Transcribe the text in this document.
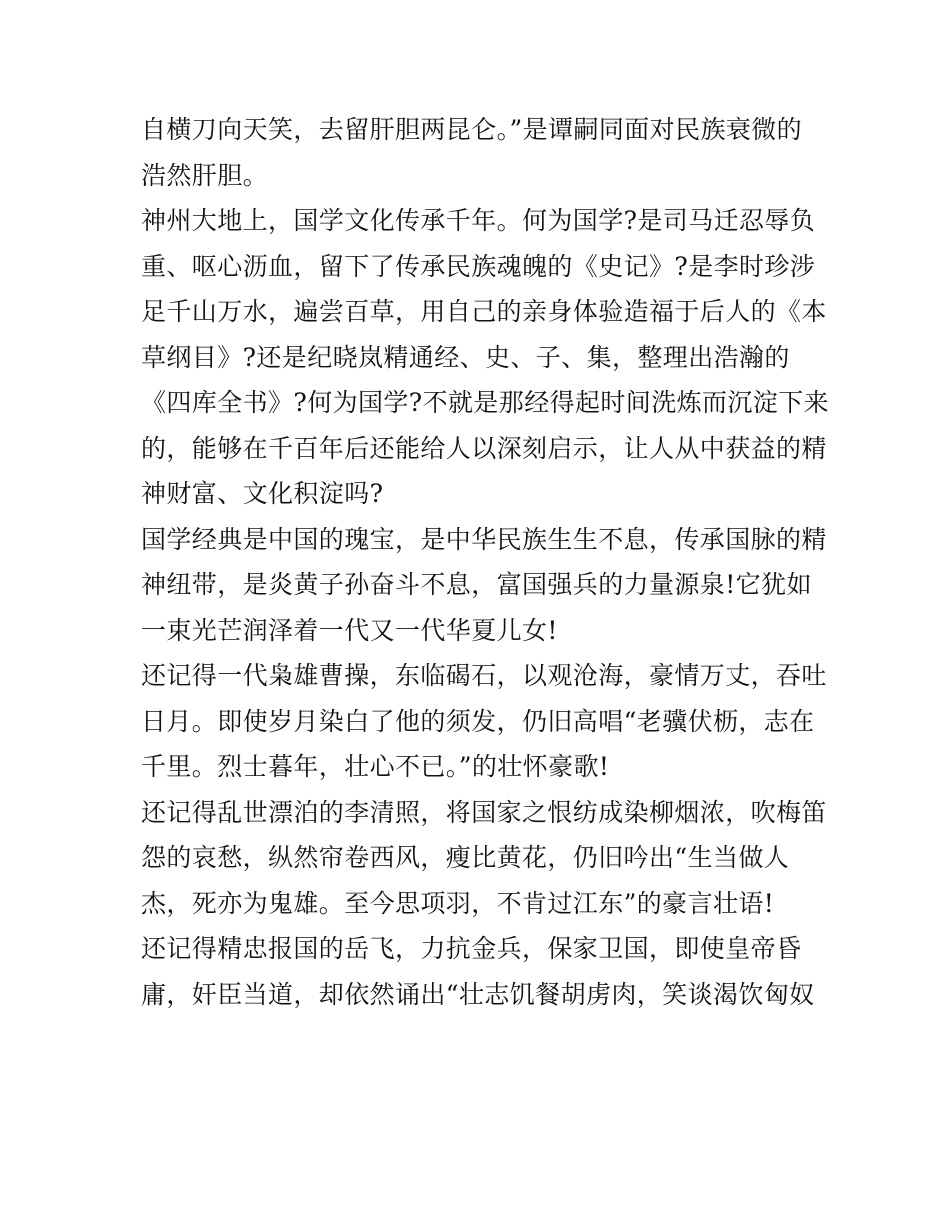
自横刀向天笑，去留肝胆两昆仑。”是谭嗣同面对民族衰微的
浩然肝胆。
神州大地上，国学文化传承千年。何为国学?是司马迁忍辱负
重、呕心沥血，留下了传承民族魂魄的《史记》?是李时珍涉
足千山万水，遍尝百草，用自己的亲身体验造福于后人的《本
草纲目》?还是纪晓岚精通经、史、子、集，整理出浩瀚的
《四库全书》?何为国学?不就是那经得起时间洗炼而沉淀下来
的，能够在千百年后还能给人以深刻启示，让人从中获益的精
神财富、文化积淀吗?
国学经典是中国的瑰宝，是中华民族生生不息，传承国脉的精
神纽带，是炎黄子孙奋斗不息，富国强兵的力量源泉!它犹如
一束光芒润泽着一代又一代华夏儿女!
还记得一代枭雄曹操，东临碣石，以观沧海，豪情万丈，吞吐
日月。即使岁月染白了他的须发，仍旧高唱“老骥伏枥，志在
千里。烈士暮年，壮心不已。”的壮怀豪歌!
还记得乱世漂泊的李清照，将国家之恨纺成染柳烟浓，吹梅笛
怨的哀愁，纵然帘卷西风，瘦比黄花，仍旧吟出“生当做人
杰，死亦为鬼雄。至今思项羽，不肯过江东”的豪言壮语!
还记得精忠报国的岳飞，力抗金兵，保家卫国，即使皇帝昏
庸，奸臣当道，却依然诵出“壮志饥餐胡虏肉，笑谈渴饮匈奴
